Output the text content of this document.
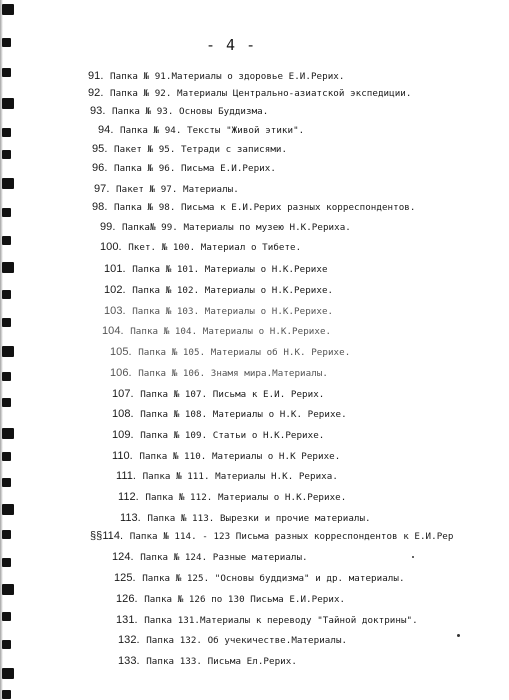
- 4 -
91. Папка № 91.Материалы о здоровье Е.И.Рерих.
92. Папка № 92. Материалы Центрально-азиатской экспедиции.
93. Папка № 93. Основы Буддизма.
94. Папка № 94. Тексты "Живой этики".
95. Пакет № 95. Тетради с записями.
96. Папка № 96. Письма Е.И.Рерих.
97. Пакет № 97. Материалы.
98. Папка № 98. Письма к Е.И.Рерих разных корреспондентов.
99. Папка№ 99. Материалы по музею Н.К.Рериха.
100. Пкет. № 100. Материал о Тибете.
101. Папка № 101. Материалы о Н.К.Рерихе
102. Папка № 102. Материалы о Н.К.Рерихе.
103. Папка № 103. Материалы о Н.К.Рерихе.
104. Папка № 104. Материалы о Н.К.Рерихе.
105. Папка № 105. Материалы об Н.К. Рерихе.
106. Папка № 106. Знамя мира.Материалы.
107. Папка № 107. Письма к Е.И. Рерих.
108. Папка № 108. Материалы о Н.К. Рерихе.
109. Папка № 109. Статьи о Н.К.Рерихе.
110. Папка № 110. Материалы о Н.К Рерихе.
111. Папка № 111. Материалы Н.К. Рериха.
112. Папка № 112. Материалы о Н.К.Рерихе.
113. Папка № 113. Вырезки и прочие материалы.
§§114. Папка № 114. - 123 Письма разных корреспондентов к Е.И.Рер
124. Папка № 124. Разные материалы.
125. Папка № 125. "Основы буддизма" и др. материалы.
126. Папка № 126 по 130 Письма Е.И.Рерих.
131. Папка 131.Материалы к переводу "Тайной доктрины".
132. Папка 132. Об учекичестве.Материалы.
133. Папка 133. Письма Ел.Рерих.
